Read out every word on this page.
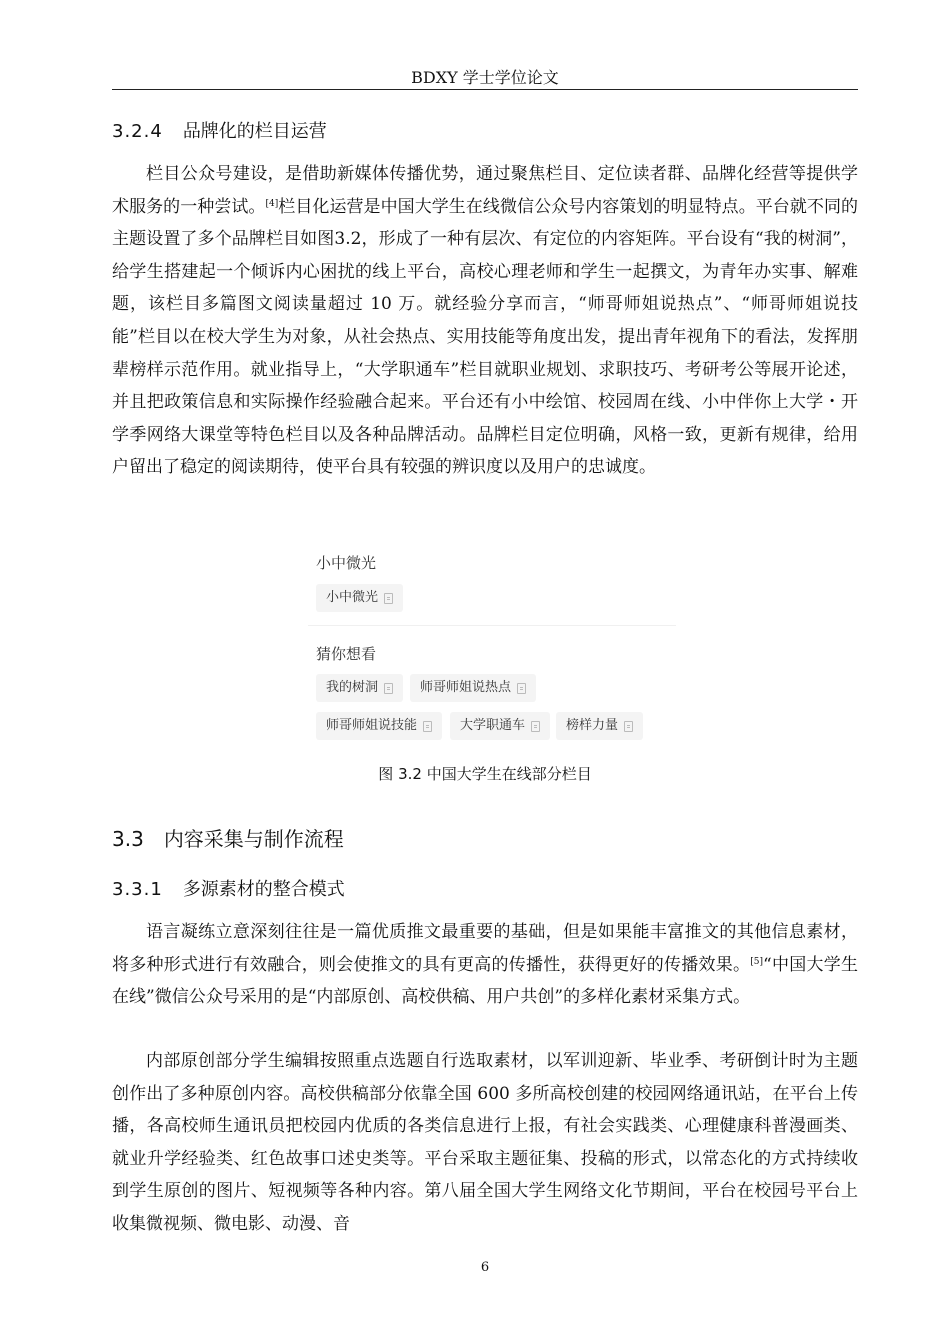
BDXY 学士学位论文
3.2.4 品牌化的栏目运营
栏目公众号建设，是借助新媒体传播优势，通过聚焦栏目、定位读者群、品牌化经营等提供学术服务的一种尝试。[4]栏目化运营是中国大学生在线微信公众号内容策划的明显特点。平台就不同的主题设置了多个品牌栏目如图3.2，形成了一种有层次、有定位的内容矩阵。平台设有“我的树洞”，给学生搭建起一个倾诉内心困扰的线上平台，高校心理老师和学生一起撰文，为青年办实事、解难题，该栏目多篇图文阅读量超过 10 万。就经验分享而言，“师哥师姐说热点”、“师哥师姐说技能”栏目以在校大学生为对象，从社会热点、实用技能等角度出发，提出青年视角下的看法，发挥朋辈榜样示范作用。就业指导上，“大学职通车”栏目就职业规划、求职技巧、考研考公等展开论述，并且把政策信息和实际操作经验融合起来。平台还有小中绘馆、校园周在线、小中伴你上大学・开学季网络大课堂等特色栏目以及各种品牌活动。品牌栏目定位明确，风格一致，更新有规律，给用户留出了稳定的阅读期待，使平台具有较强的辨识度以及用户的忠诚度。
小中微光
小中微光
猜你想看
我的树洞	师哥师姐说热点
师哥师姐说技能	大学职通车	榜样力量
图 3.2 中国大学生在线部分栏目
3.3 内容采集与制作流程
3.3.1 多源素材的整合模式
语言凝练立意深刻往往是一篇优质推文最重要的基础，但是如果能丰富推文的其他信息素材，将多种形式进行有效融合，则会使推文的具有更高的传播性，获得更好的传播效果。[5]“中国大学生在线”微信公众号采用的是“内部原创、高校供稿、用户共创”的多样化素材采集方式。
内部原创部分学生编辑按照重点选题自行选取素材，以军训迎新、毕业季、考研倒计时为主题创作出了多种原创内容。高校供稿部分依靠全国 600 多所高校创建的校园网络通讯站，在平台上传播，各高校师生通讯员把校园内优质的各类信息进行上报，有社会实践类、心理健康科普漫画类、就业升学经验类、红色故事口述史类等。平台采取主题征集、投稿的形式，以常态化的方式持续收到学生原创的图片、短视频等各种内容。第八届全国大学生网络文化节期间，平台在校园号平台上收集微视频、微电影、动漫、音
6
